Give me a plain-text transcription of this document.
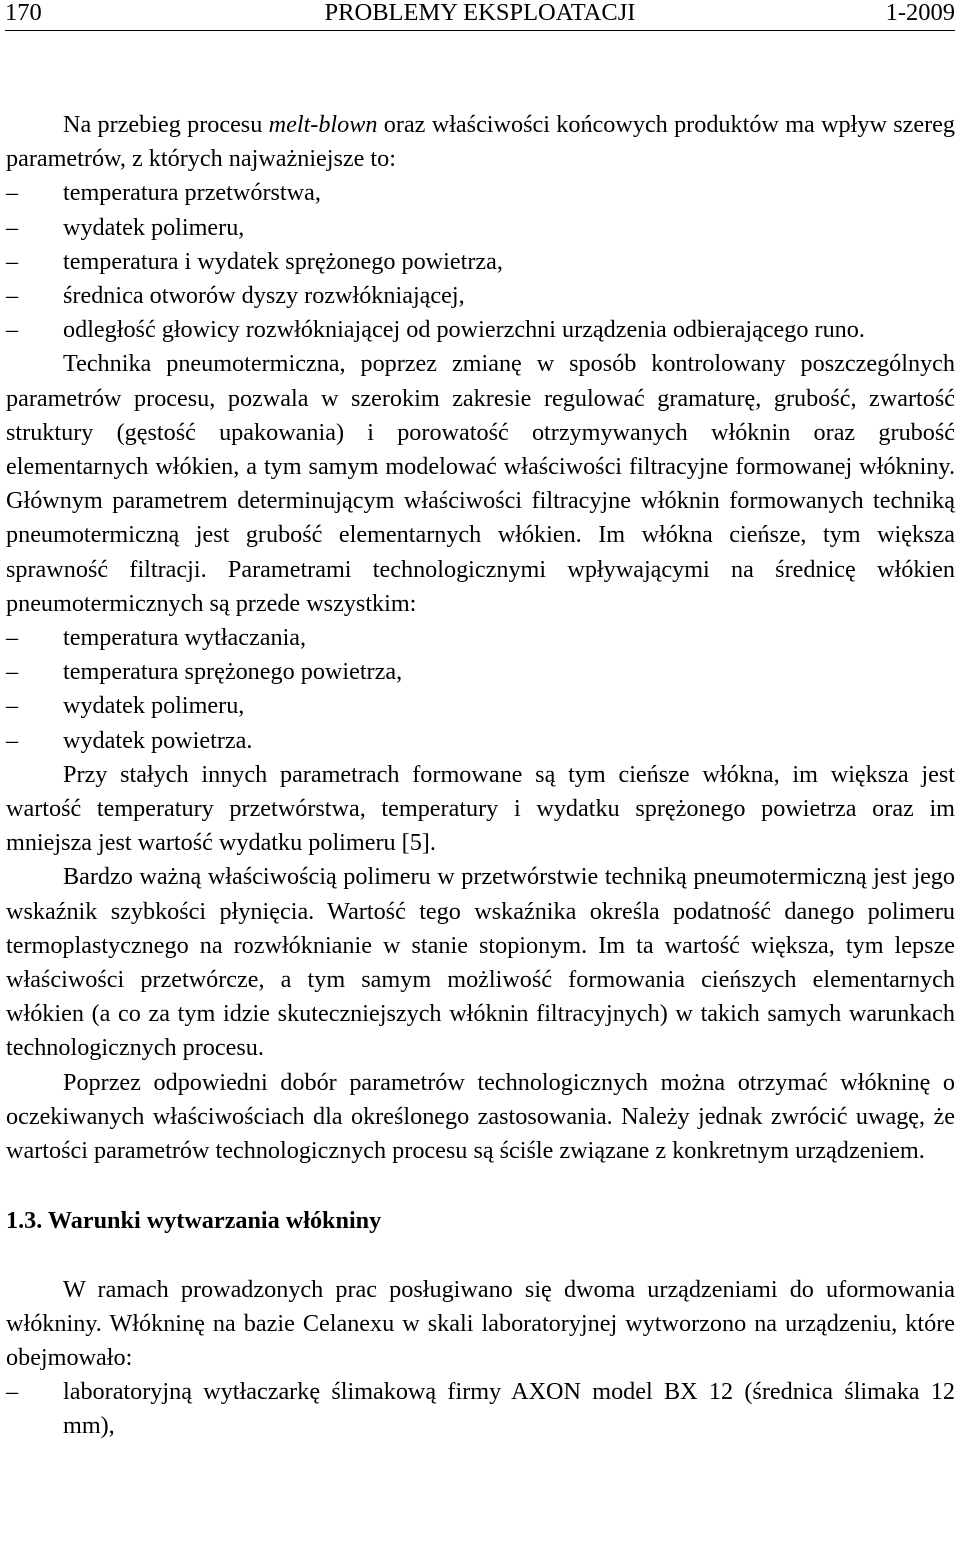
170	PROBLEMY EKSPLOATACJI	1-2009

Na przebieg procesu melt-blown oraz właściwości końcowych produktów ma wpływ szereg parametrów, z których najważniejsze to:

– temperatura przetwórstwa,

– wydatek polimeru,

– temperatura i wydatek sprężonego powietrza,

– średnica otworów dyszy rozwłókniającej,

– odległość głowicy rozwłókniającej od powierzchni urządzenia odbierającego runo.

Technika pneumotermiczna, poprzez zmianę w sposób kontrolowany poszczególnych parametrów procesu, pozwala w szerokim zakresie regulować gramaturę, grubość, zwartość struktury (gęstość upakowania) i porowatość otrzymywanych włóknin oraz grubość elementarnych włókien, a tym samym modelować właściwości filtracyjne formowanej włókniny. Głównym parametrem determinującym właściwości filtracyjne włóknin formowanych techniką pneumotermiczną jest grubość elementarnych włókien. Im włókna cieńsze, tym większa sprawność filtracji. Parametrami technologicznymi wpływającymi na średnicę włókien pneumotermicznych są przede wszystkim:

– temperatura wytłaczania,

– temperatura sprężonego powietrza,

– wydatek polimeru,

– wydatek powietrza.

Przy stałych innych parametrach formowane są tym cieńsze włókna, im większa jest wartość temperatury przetwórstwa, temperatury i wydatku sprężonego powietrza oraz im mniejsza jest wartość wydatku polimeru [5].

Bardzo ważną właściwością polimeru w przetwórstwie techniką pneumotermiczną jest jego wskaźnik szybkości płynięcia. Wartość tego wskaźnika określa podatność danego polimeru termoplastycznego na rozwłóknianie w stanie stopionym. Im ta wartość większa, tym lepsze właściwości przetwórcze, a tym samym możliwość formowania cieńszych elementarnych włókien (a co za tym idzie skuteczniejszych włóknin filtracyjnych) w takich samych warunkach technologicznych procesu.

Poprzez odpowiedni dobór parametrów technologicznych można otrzymać włókninę o oczekiwanych właściwościach dla określonego zastosowania. Należy jednak zwrócić uwagę, że wartości parametrów technologicznych procesu są ściśle związane z konkretnym urządzeniem.

1.3. Warunki wytwarzania włókniny

W ramach prowadzonych prac posługiwano się dwoma urządzeniami do uformowania włókniny. Włókninę na bazie Celanexu w skali laboratoryjnej wytworzono na urządzeniu, które obejmowało:

– laboratoryjną wytłaczarkę ślimakową firmy AXON model BX 12 (średnica ślimaka 12 mm),
